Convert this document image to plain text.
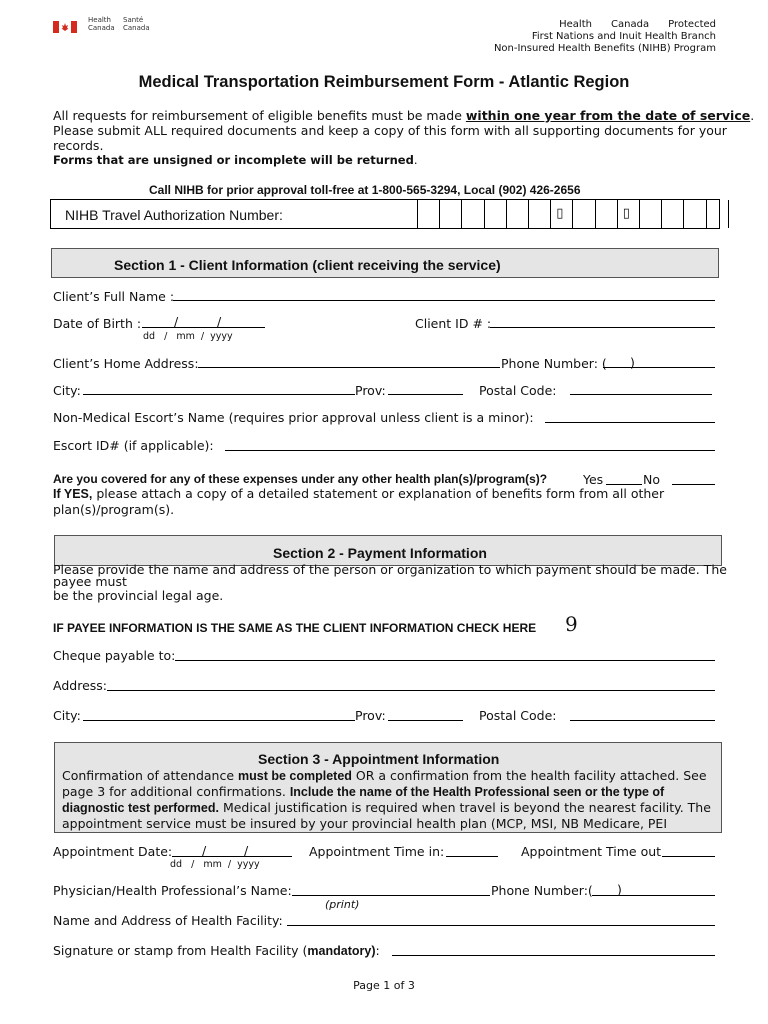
Health
Canada
Santé
Canada	Health      Canada      Protected
First Nations and Inuit Health Branch
Non-Insured Health Benefits (NIHB) Program
Medical Transportation Reimbursement Form - Atlantic Region
All requests for reimbursement of eligible benefits must be made within one year from the date of service.
Please submit ALL required documents and keep a copy of this form with all supporting documents for your
records.
Forms that are unsigned or incomplete will be returned.
Call NIHB for prior approval toll-free at 1-800-565-3294, Local (902) 426-2656
NIHB Travel Authorization Number:	▯	▯
Section 1 - Client Information (client receiving the service)
Client’s Full Name :
Date of Birth :	/	/
dd   /   mm  /  yyyy
Client ID # :
Client’s Home Address:	Phone Number: ( )
City:	Prov:	Postal Code:
Non-Medical Escort’s Name (requires prior approval unless client is a minor):
Escort ID# (if applicable):
Are you covered for any of these expenses under any other health plan(s)/program(s)?	Yes	No
If YES, please attach a copy of a detailed statement or explanation of benefits form from all other
plan(s)/program(s).
Section 2 - Payment Information
Please provide the name and address of the person or organization to which payment should be made. The
payee must
be the provincial legal age.
IF PAYEE INFORMATION IS THE SAME AS THE CLIENT INFORMATION CHECK HERE 9
Cheque payable to:
Address:
City:	Prov:	Postal Code:
Section 3 - Appointment Information
Confirmation of attendance must be completed OR a confirmation from the health facility attached. See
page 3 for additional confirmations. Include the name of the Health Professional seen or the type of
diagnostic test performed. Medical justification is required when travel is beyond the nearest facility. The
appointment service must be insured by your provincial health plan (MCP, MSI, NB Medicare, PEI
Appointment Date: /	/
dd   /   mm  /  yyyy
Appointment Time in:	Appointment Time out
Physician/Health Professional’s Name:
(print)
Phone Number:( )
Name and Address of Health Facility:
Signature or stamp from Health Facility (mandatory):
Page 1 of 3
